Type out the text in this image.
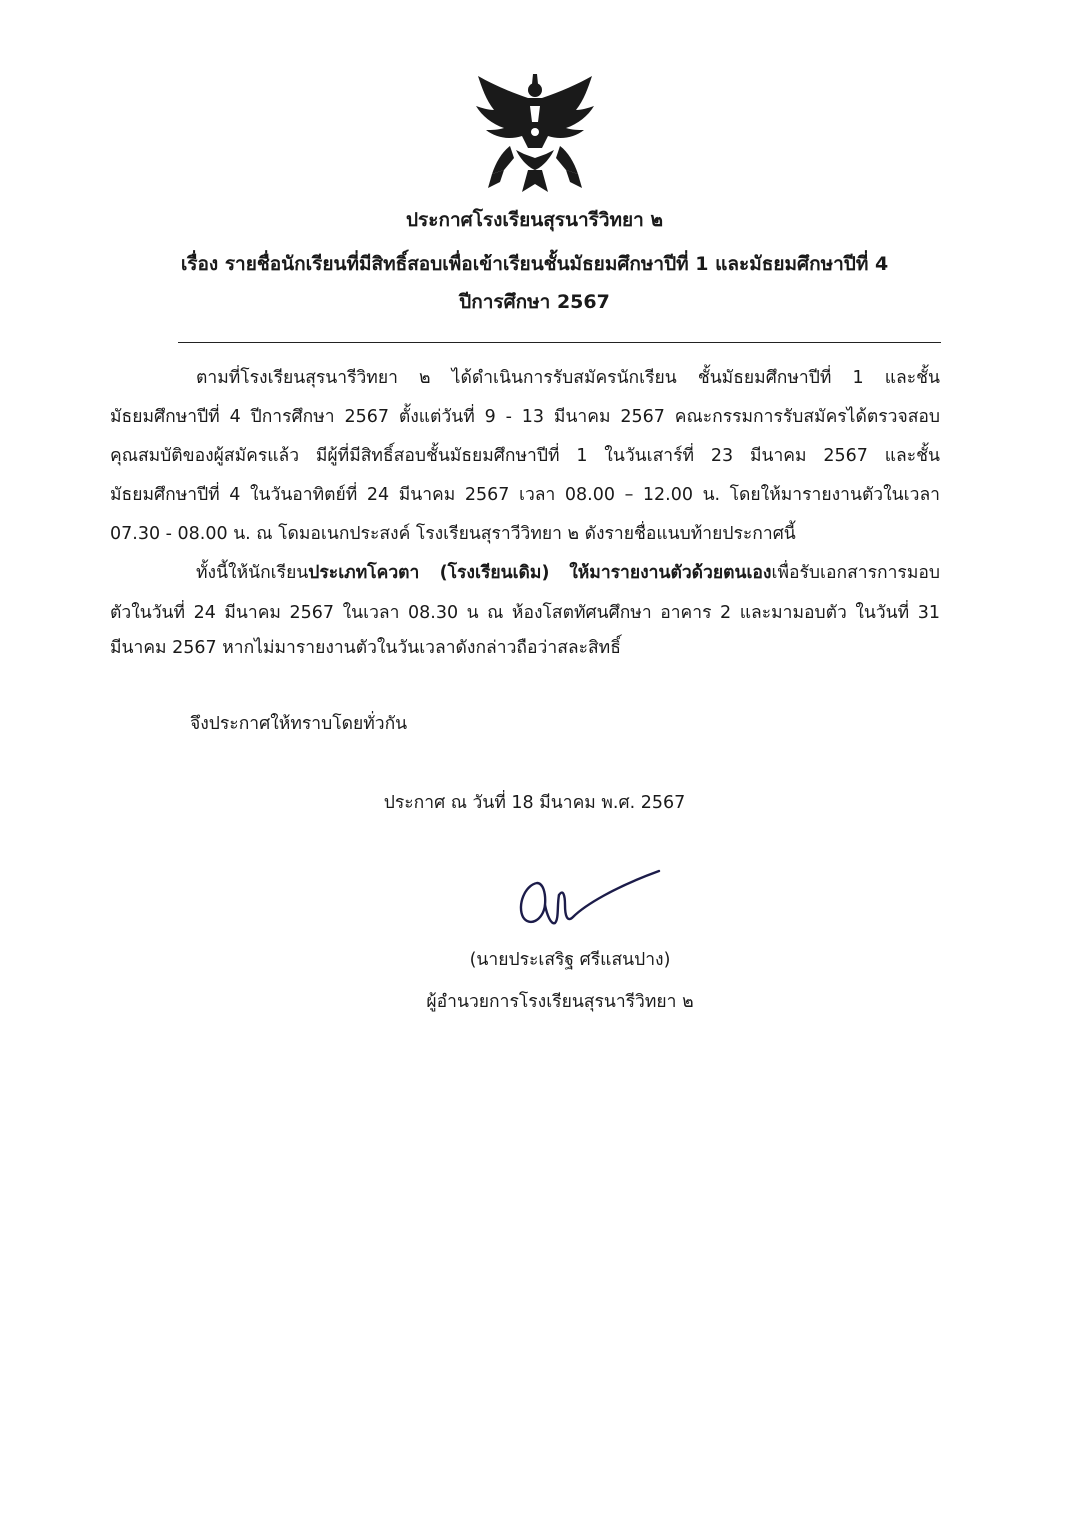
ประกาศโรงเรียนสุรนารีวิทยา ๒
เรื่อง รายชื่อนักเรียนที่มีสิทธิ์สอบเพื่อเข้าเรียนชั้นมัธยมศึกษาปีที่ 1 และมัธยมศึกษาปีที่ 4
ปีการศึกษา 2567
ตามที่โรงเรียนสุรนารีวิทยา ๒ ได้ดำเนินการรับสมัครนักเรียน ชั้นมัธยมศึกษาปีที่ 1 และชั้น
มัธยมศึกษาปีที่ 4 ปีการศึกษา 2567 ตั้งแต่วันที่ 9 - 13 มีนาคม 2567 คณะกรรมการรับสมัครได้ตรวจสอบ
คุณสมบัติของผู้สมัครแล้ว มีผู้ที่มีสิทธิ์สอบชั้นมัธยมศึกษาปีที่ 1 ในวันเสาร์ที่ 23 มีนาคม 2567 และชั้น
มัธยมศึกษาปีที่ 4 ในวันอาทิตย์ที่ 24 มีนาคม 2567 เวลา 08.00 – 12.00 น. โดยให้มารายงานตัวในเวลา
07.30 - 08.00 น. ณ โดมอเนกประสงค์ โรงเรียนสุราวีวิทยา ๒ ดังรายชื่อแนบท้ายประกาศนี้
ทั้งนี้ให้นักเรียนประเภทโควตา (โรงเรียนเดิม) ให้มารายงานตัวด้วยตนเองเพื่อรับเอกสารการมอบ
ตัวในวันที่ 24 มีนาคม 2567 ในเวลา 08.30 น ณ ห้องโสตทัศนศึกษา อาคาร 2 และมามอบตัว ในวันที่ 31
มีนาคม 2567 หากไม่มารายงานตัวในวันเวลาดังกล่าวถือว่าสละสิทธิ์
จึงประกาศให้ทราบโดยทั่วกัน
ประกาศ ณ วันที่ 18 มีนาคม พ.ศ. 2567
(นายประเสริฐ ศรีแสนปาง)
ผู้อำนวยการโรงเรียนสุรนารีวิทยา ๒
